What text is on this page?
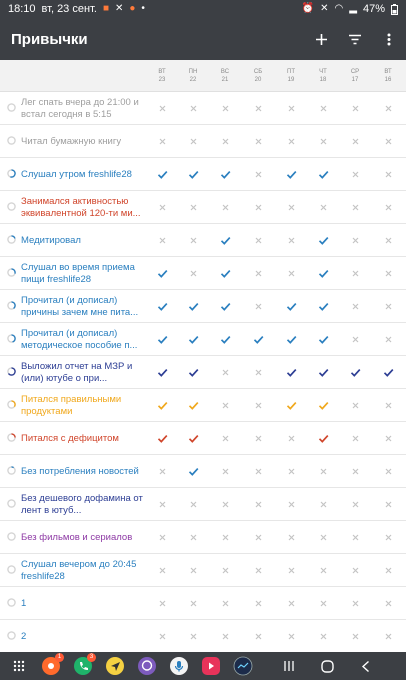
18:10 вт, 23 сент. ■ ✕ ● •	⏰ ✕ ◠ ▂ 47%
Привычки
ВТ
23
ПН
22
ВС
21
СБ
20
ПТ
19
ЧТ
18
СР
17
ВТ
16
Лег спать вчера до 21:00 и встал сегодня в 5:15
Читал бумажную книгу
Слушал утром freshlife28
Занимался активностью эквивалентной 120-ти ми...
Медитировал
Слушал во время приема пищи freshlife28
Прочитал (и дописал) причины зачем мне пита...
Прочитал (и дописал) методическое пособие п...
Выложил отчет на МЗР и (или) ютубе о при...
Питался правильными продуктами
Питался с дефицитом
Без потребления новостей
Без дешевого дофамина от лент в ютуб...
Без фильмов и сериалов
Слушал вечером до 20:45 freshlife28
1
2
1	3
